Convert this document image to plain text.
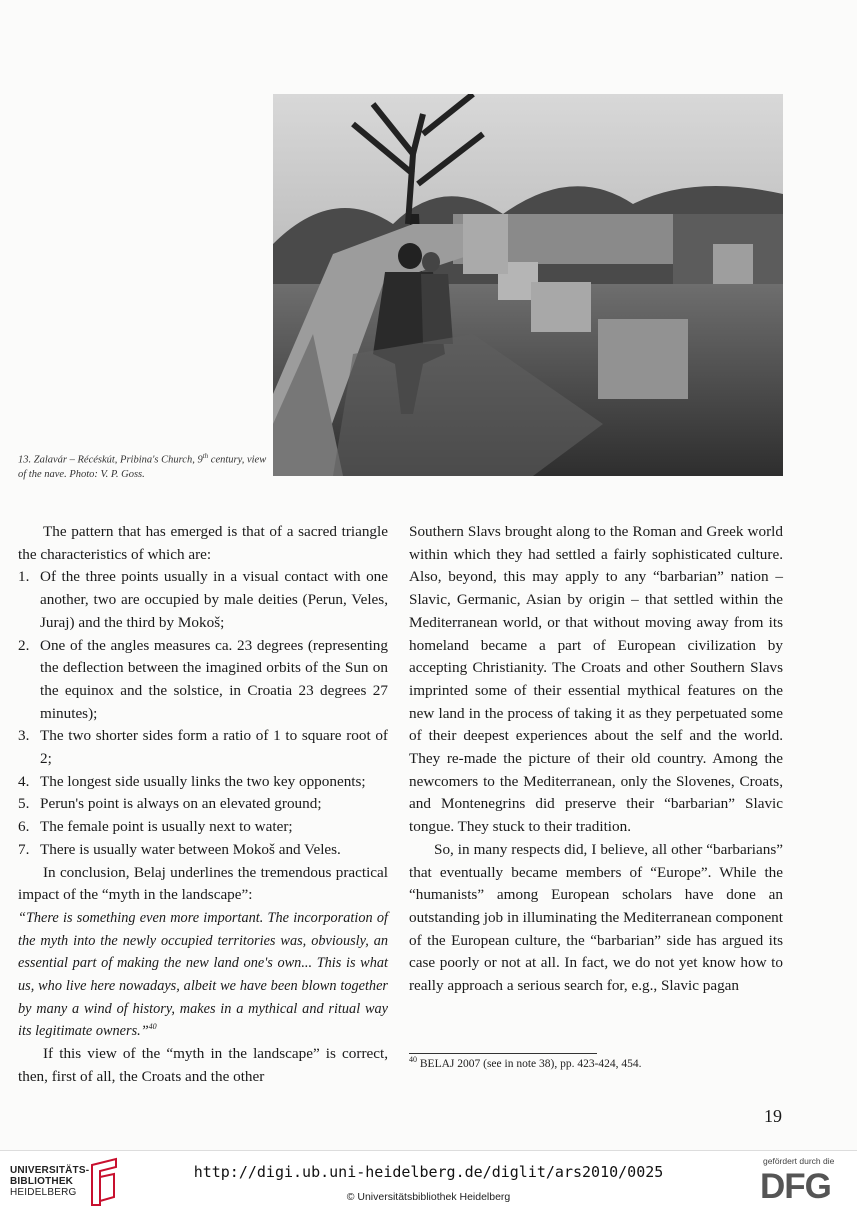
13. Zalavár – Récéskút, Pribina's Church, 9th century, view of the nave. Photo: V. P. Goss.

The pattern that has emerged is that of a sacred triangle the characteristics of which are:

1. Of the three points usually in a visual contact with one another, two are occupied by male deities (Perun, Veles, Juraj) and the third by Mokoš;
2. One of the angles measures ca. 23 degrees (representing the deflection between the imagined orbits of the Sun on the equinox and the solstice, in Croatia 23 degrees 27 minutes);
3. The two shorter sides form a ratio of 1 to square root of 2;
4. The longest side usually links the two key opponents;
5. Perun's point is always on an elevated ground;
6. The female point is usually next to water;
7. There is usually water between Mokoš and Veles.

In conclusion, Belaj underlines the tremendous practical impact of the “myth in the landscape”:

“There is something even more important. The incorporation of the myth into the newly occupied territories was, obviously, an essential part of making the new land one's own... This is what us, who live here nowadays, albeit we have been blown together by many a wind of history, makes in a mythical and ritual way its legitimate owners.”$^{40}$

If this view of the “myth in the landscape” is correct, then, first of all, the Croats and the other

Southern Slavs brought along to the Roman and Greek world within which they had settled a fairly sophisticated culture. Also, beyond, this may apply to any “barbarian” nation – Slavic, Germanic, Asian by origin – that settled within the Mediterranean world, or that without moving away from its homeland became a part of European civilization by accepting Christianity. The Croats and other Southern Slavs imprinted some of their essential mythical features on the new land in the process of taking it as they perpetuated some of their deepest experiences about the self and the world. They re-made the picture of their old country. Among the newcomers to the Mediterranean, only the Slovenes, Croats, and Montenegrins did preserve their “barbarian” Slavic tongue. They stuck to their tradition.

So, in many respects did, I believe, all other “barbarians” that eventually became members of “Europe”. While the “humanists” among European scholars have done an outstanding job in illuminating the Mediterranean component of the European culture, the “barbarian” side has argued its case poorly or not at all. In fact, we do not yet know how to really approach a serious search for, e.g., Slavic pagan

$^{40}$ BELAJ 2007 (see in note 38), pp. 423-424, 454.
19
UNIVERSITÄTS-
BIBLIOTHEK
HEIDELBERG
http://digi.ub.uni-heidelberg.de/diglit/ars2010/0025
© Universitätsbibliothek Heidelberg
gefördert durch die
DFG
